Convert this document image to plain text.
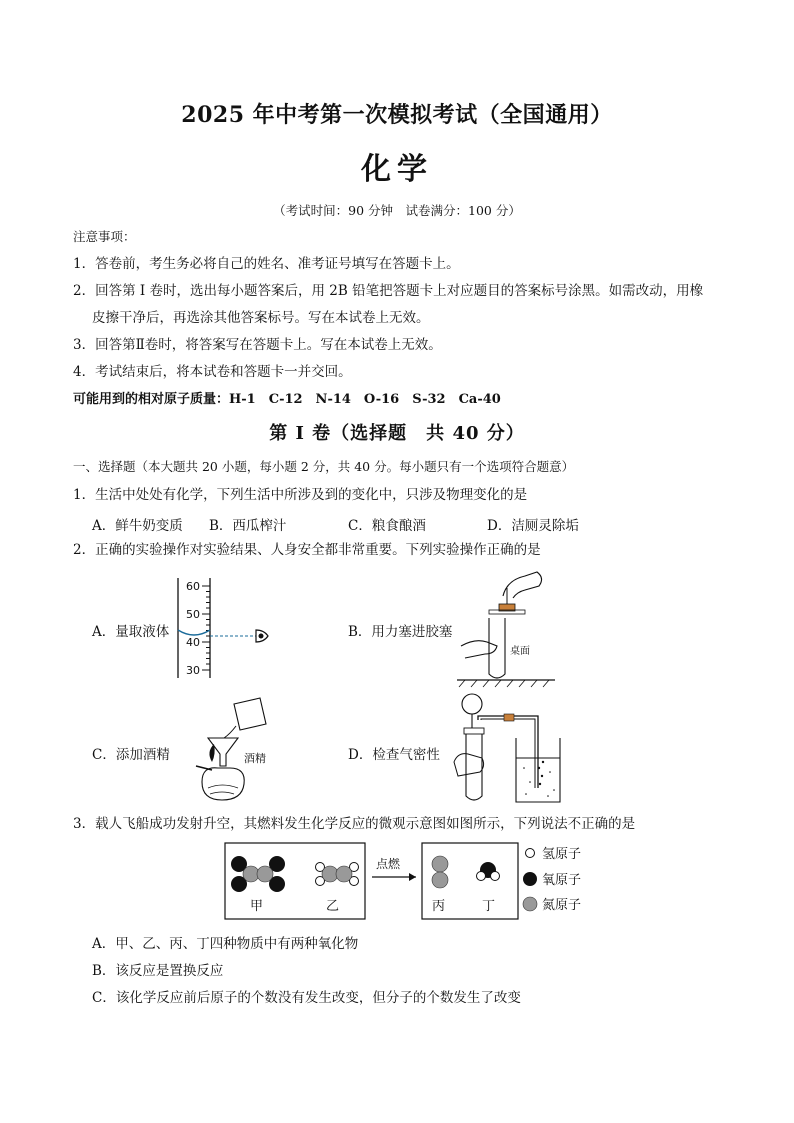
2025 年中考第一次模拟考试（全国通用）
化学
（考试时间：90 分钟　试卷满分：100 分）
注意事项：
1．答卷前，考生务必将自己的姓名、准考证号填写在答题卡上。
2．回答第 I 卷时，选出每小题答案后，用 2B 铅笔把答题卡上对应题目的答案标号涂黑。如需改动，用橡
皮擦干净后，再选涂其他答案标号。写在本试卷上无效。
3．回答第Ⅱ卷时，将答案写在答题卡上。写在本试卷上无效。
4．考试结束后，将本试卷和答题卡一并交回。
可能用到的相对原子质量：H-1　C-12　N-14　O-16　S-32　Ca-40
第 I 卷（选择题　共 40 分）
一、选择题（本大题共 20 小题，每小题 2 分，共 40 分。每小题只有一个选项符合题意）
1．生活中处处有化学，下列生活中所涉及到的变化中，只涉及物理变化的是
A．鲜牛奶变质 B．西瓜榨汁	C．粮食酿酒	D．洁厕灵除垢
2．正确的实验操作对实验结果、人身安全都非常重要。下列实验操作正确的是
A．量取液体	B．用力塞进胶塞
C．添加酒精	D．检查气密性
60
50
40
30
桌面
酒精
3．载人飞船成功发射升空，其燃料发生化学反应的微观示意图如图所示，下列说法不正确的是
甲	乙
点燃
丙	丁
氢原子
氧原子
氮原子
A．甲、乙、丙、丁四种物质中有两种氧化物
B．该反应是置换反应
C．该化学反应前后原子的个数没有发生改变，但分子的个数发生了改变
